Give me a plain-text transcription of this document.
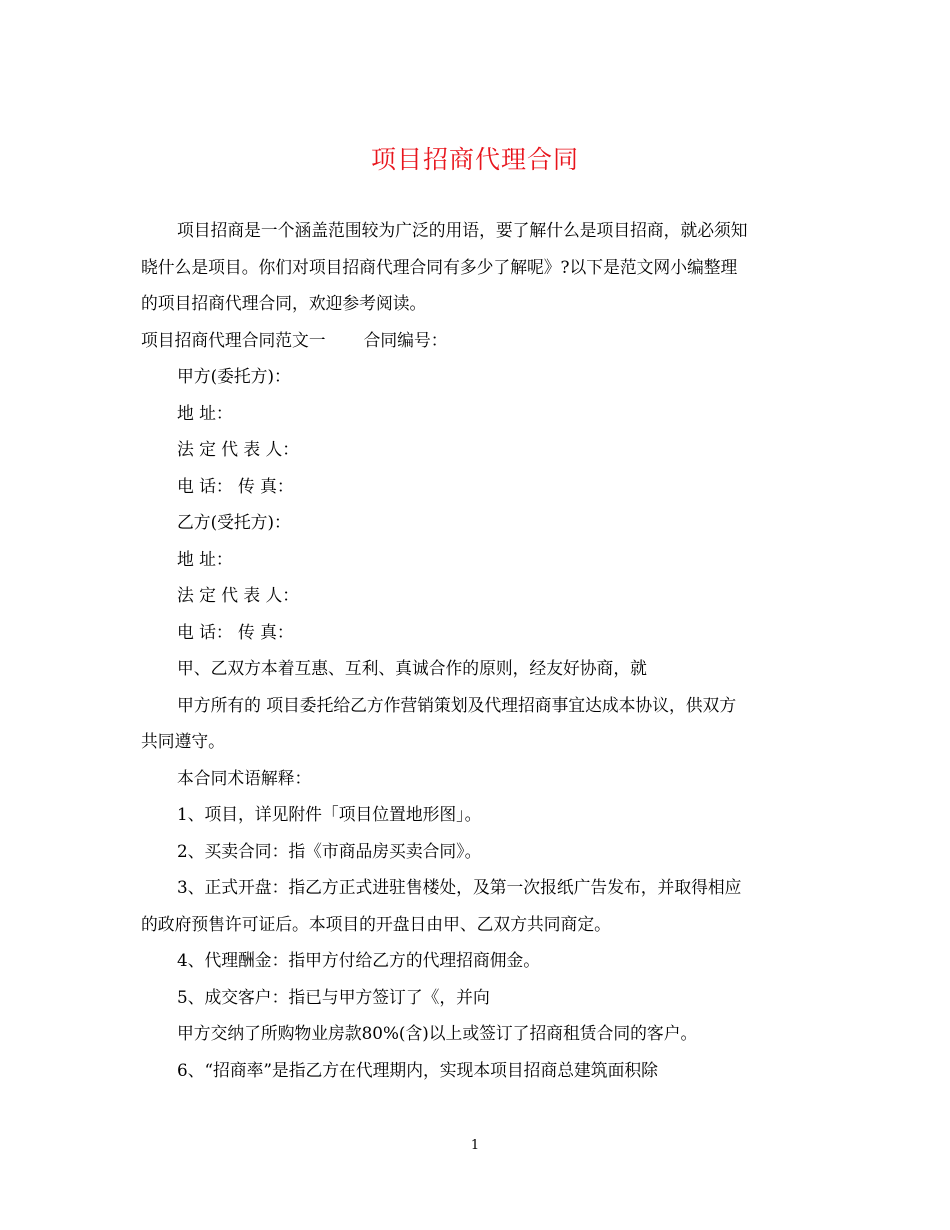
项目招商代理合同

项目招商是一个涵盖范围较为广泛的用语，要了解什么是项目招商，就必须知

晓什么是项目。你们对项目招商代理合同有多少了解呢》?以下是范文网小编整理

的项目招商代理合同，欢迎参考阅读。

项目招商代理合同范文一 合同编号：

甲方(委托方)：

地 址：

法 定 代 表 人：

电 话： 传 真：

乙方(受托方)：

地 址：

法 定 代 表 人：

电 话： 传 真：

甲、乙双方本着互惠、互利、真诚合作的原则，经友好协商，就

甲方所有的 项目委托给乙方作营销策划及代理招商事宜达成本协议，供双方

共同遵守。

本合同术语解释：

1、项目，详见附件「项目位置地形图」。

2、买卖合同：指《市商品房买卖合同》。

3、正式开盘：指乙方正式进驻售楼处，及第一次报纸广告发布，并取得相应

的政府预售许可证后。本项目的开盘日由甲、乙双方共同商定。

4、代理酬金：指甲方付给乙方的代理招商佣金。

5、成交客户：指已与甲方签订了《，并向

甲方交纳了所购物业房款80%(含)以上或签订了招商租赁合同的客户。

6、“招商率”是指乙方在代理期内，实现本项目招商总建筑面积除

1
